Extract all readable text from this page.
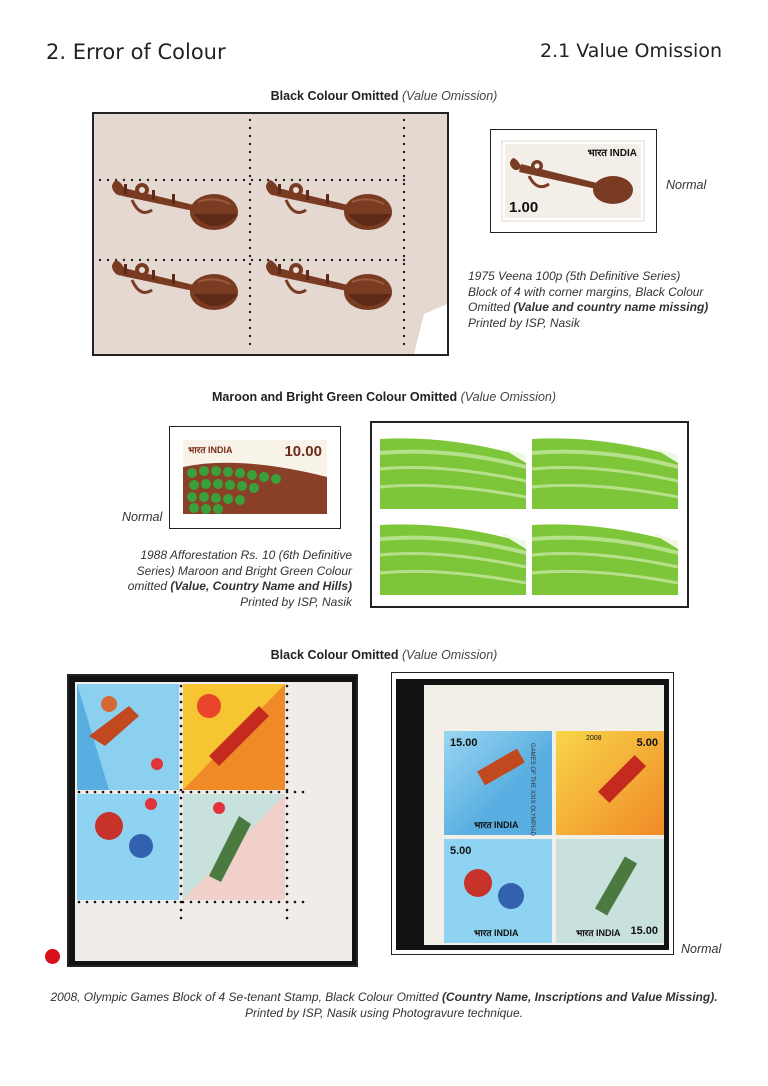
2. Error of Colour	2.1 Value Omission
Black Colour Omitted (Value Omission)
भारत INDIA
1.00
Normal
1975 Veena 100p (5th Definitive Series)
Block of 4 with corner margins, Black Colour
Omitted (Value and country name missing)
Printed by ISP, Nasik
Maroon and Bright Green Colour Omitted (Value Omission)
भारत INDIA	10.00
Normal
1988 Afforestation Rs. 10 (6th Definitive
Series) Maroon and Bright Green Colour
omitted (Value, Country Name and Hills)
Printed by ISP, Nasik
Black Colour Omitted (Value Omission)
15.00
भारत INDIA
2008	5.00
5.00
भारत INDIA	15.00
भारत INDIA
GAMES OF THE XXIX OLYMPIAD
Normal
2008, Olympic Games Block of 4 Se-tenant Stamp, Black Colour Omitted (Country Name, Inscriptions and Value Missing).
Printed by ISP, Nasik using Photogravure technique.
